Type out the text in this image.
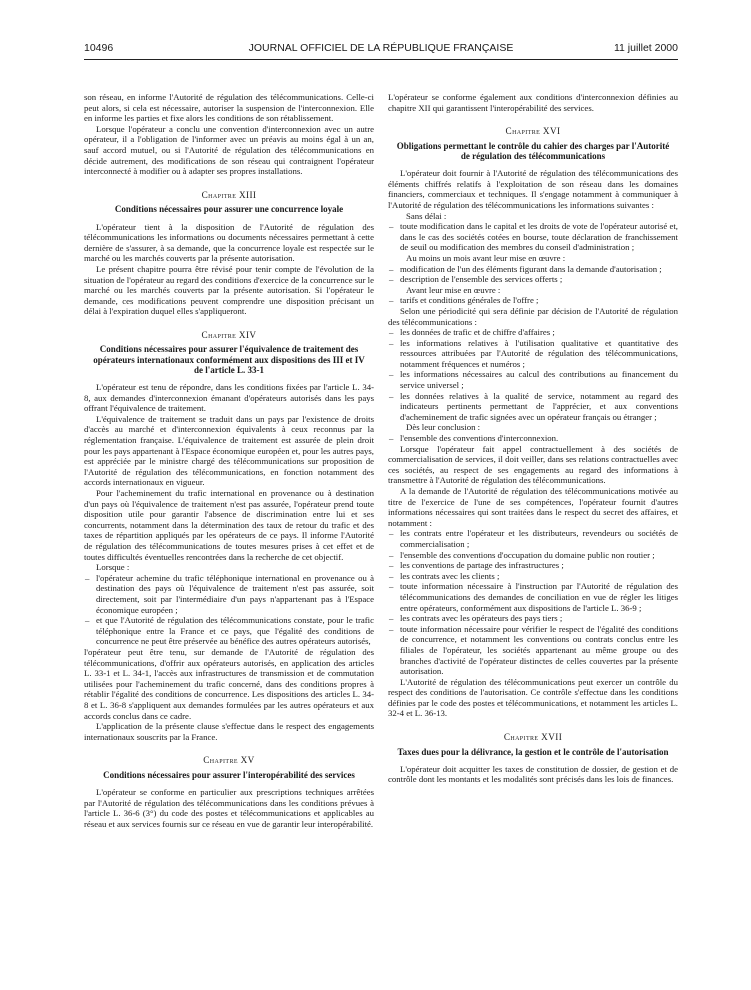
10496	JOURNAL OFFICIEL DE LA RÉPUBLIQUE FRANÇAISE	11 juillet 2000

son réseau, en informe l'Autorité de régulation des télécommunications. Celle-ci peut alors, si cela est nécessaire, autoriser la suspension de l'interconnexion. Elle en informe les parties et fixe alors les conditions de son rétablissement.

Lorsque l'opérateur a conclu une convention d'interconnexion avec un autre opérateur, il a l'obligation de l'informer avec un préavis au moins égal à un an, sauf accord mutuel, ou si l'Autorité de régulation des télécommunications en décide autrement, des modifications de son réseau qui contraignent l'opérateur interconnecté à modifier ou à adapter ses propres installations.

Chapitre XIII
Conditions nécessaires pour assurer une concurrence loyale

L'opérateur tient à la disposition de l'Autorité de régulation des télécommunications les informations ou documents nécessaires permettant à cette dernière de s'assurer, à sa demande, que la concurrence loyale est respectée sur le marché ou les marchés couverts par la présente autorisation.

Le présent chapitre pourra être révisé pour tenir compte de l'évolution de la situation de l'opérateur au regard des conditions d'exercice de la concurrence sur le marché ou les marchés couverts par la présente autorisation. Si l'opérateur le demande, ces modifications peuvent comprendre une disposition précisant un délai à l'expiration duquel elles s'appliqueront.

Chapitre XIV
Conditions nécessaires pour assurer l'équivalence de traitement des opérateurs internationaux conformément aux dispositions des III et IV de l'article L. 33-1

L'opérateur est tenu de répondre, dans les conditions fixées par l'article L. 34-8, aux demandes d'interconnexion émanant d'opérateurs autorisés dans les pays offrant l'équivalence de traitement.

L'équivalence de traitement se traduit dans un pays par l'existence de droits d'accès au marché et d'interconnexion équivalents à ceux reconnus par la réglementation française. L'équivalence de traitement est assurée de plein droit pour les pays appartenant à l'Espace économique européen et, pour les autres pays, est appréciée par le ministre chargé des télécommunications sur proposition de l'Autorité de régulation des télécommunications, en fonction notamment des accords internationaux en vigueur.

Pour l'acheminement du trafic international en provenance ou à destination d'un pays où l'équivalence de traitement n'est pas assurée, l'opérateur prend toute disposition utile pour garantir l'absence de discrimination entre lui et ses concurrents, notamment dans la détermination des taux de retour du trafic et des taxes de répartition appliqués par les opérateurs de ce pays. Il informe l'Autorité de régulation des télécommunications de toutes mesures prises à cet effet et de toutes difficultés éventuelles rencontrées dans la recherche de cet objectif.

Lorsque :

– l'opérateur achemine du trafic téléphonique international en provenance ou à destination des pays où l'équivalence de traitement n'est pas assurée, soit directement, soit par l'intermédiaire d'un pays n'appartenant pas à l'Espace économique européen ;
– et que l'Autorité de régulation des télécommunications constate, pour le trafic téléphonique entre la France et ce pays, que l'égalité des conditions de concurrence ne peut être préservée au bénéfice des autres opérateurs autorisés,

l'opérateur peut être tenu, sur demande de l'Autorité de régulation des télécommunications, d'offrir aux opérateurs autorisés, en application des articles L. 33-1 et L. 34-1, l'accès aux infrastructures de transmission et de commutation utilisées pour l'acheminement du trafic concerné, dans des conditions propres à rétablir l'égalité des conditions de concurrence. Les dispositions des articles L. 34-8 et L. 36-8 s'appliquent aux demandes formulées par les autres opérateurs et aux accords conclus dans ce cadre.

L'application de la présente clause s'effectue dans le respect des engagements internationaux souscrits par la France.

Chapitre XV
Conditions nécessaires pour assurer l'interopérabilité des services

L'opérateur se conforme en particulier aux prescriptions techniques arrêtées par l'Autorité de régulation des télécommunications dans les conditions prévues à l'article L. 36-6 (3°) du code des postes et télécommunications et applicables au réseau et aux services fournis sur ce réseau en vue de garantir leur interopérabilité.

L'opérateur se conforme également aux conditions d'interconnexion définies au chapitre XII qui garantissent l'interopérabilité des services.

Chapitre XVI
Obligations permettant le contrôle du cahier des charges par l'Autorité de régulation des télécommunications

L'opérateur doit fournir à l'Autorité de régulation des télécommunications des éléments chiffrés relatifs à l'exploitation de son réseau dans les domaines financiers, commerciaux et techniques. Il s'engage notamment à communiquer à l'Autorité de régulation des télécommunications les informations suivantes :

Sans délai :

– toute modification dans le capital et les droits de vote de l'opérateur autorisé et, dans le cas des sociétés cotées en bourse, toute déclaration de franchissement de seuil ou modification des membres du conseil d'administration ;

Au moins un mois avant leur mise en œuvre :

– modification de l'un des éléments figurant dans la demande d'autorisation ;
– description de l'ensemble des services offerts ;

Avant leur mise en œuvre :

– tarifs et conditions générales de l'offre ;

Selon une périodicité qui sera définie par décision de l'Autorité de régulation des télécommunications :

– les données de trafic et de chiffre d'affaires ;
– les informations relatives à l'utilisation qualitative et quantitative des ressources attribuées par l'Autorité de régulation des télécommunications, notamment fréquences et numéros ;
– les informations nécessaires au calcul des contributions au financement du service universel ;
– les données relatives à la qualité de service, notamment au regard des indicateurs pertinents permettant de l'apprécier, et aux conventions d'acheminement de trafic signées avec un opérateur français ou étranger ;

Dès leur conclusion :

– l'ensemble des conventions d'interconnexion.

Lorsque l'opérateur fait appel contractuellement à des sociétés de commercialisation de services, il doit veiller, dans ses relations contractuelles avec ces sociétés, au respect de ses engagements au regard des informations à transmettre à l'Autorité de régulation des télécommunications.

A la demande de l'Autorité de régulation des télécommunications motivée au titre de l'exercice de l'une de ses compétences, l'opérateur fournit d'autres informations nécessaires qui sont traitées dans le respect du secret des affaires, et notamment :

– les contrats entre l'opérateur et les distributeurs, revendeurs ou sociétés de commercialisation ;
– l'ensemble des conventions d'occupation du domaine public non routier ;
– les conventions de partage des infrastructures ;
– les contrats avec les clients ;
– toute information nécessaire à l'instruction par l'Autorité de régulation des télécommunications des demandes de conciliation en vue de régler les litiges entre opérateurs, conformément aux dispositions de l'article L. 36-9 ;
– les contrats avec les opérateurs des pays tiers ;
– toute information nécessaire pour vérifier le respect de l'égalité des conditions de concurrence, et notamment les conventions ou contrats conclus entre les filiales de l'opérateur, les sociétés appartenant au même groupe ou des branches d'activité de l'opérateur distinctes de celles couvertes par la présente autorisation.

L'Autorité de régulation des télécommunications peut exercer un contrôle du respect des conditions de l'autorisation. Ce contrôle s'effectue dans les conditions définies par le code des postes et télécommunications, et notamment les articles L. 32-4 et L. 36-13.

Chapitre XVII
Taxes dues pour la délivrance, la gestion et le contrôle de l'autorisation

L'opérateur doit acquitter les taxes de constitution de dossier, de gestion et de contrôle dont les montants et les modalités sont précisés dans les lois de finances.
